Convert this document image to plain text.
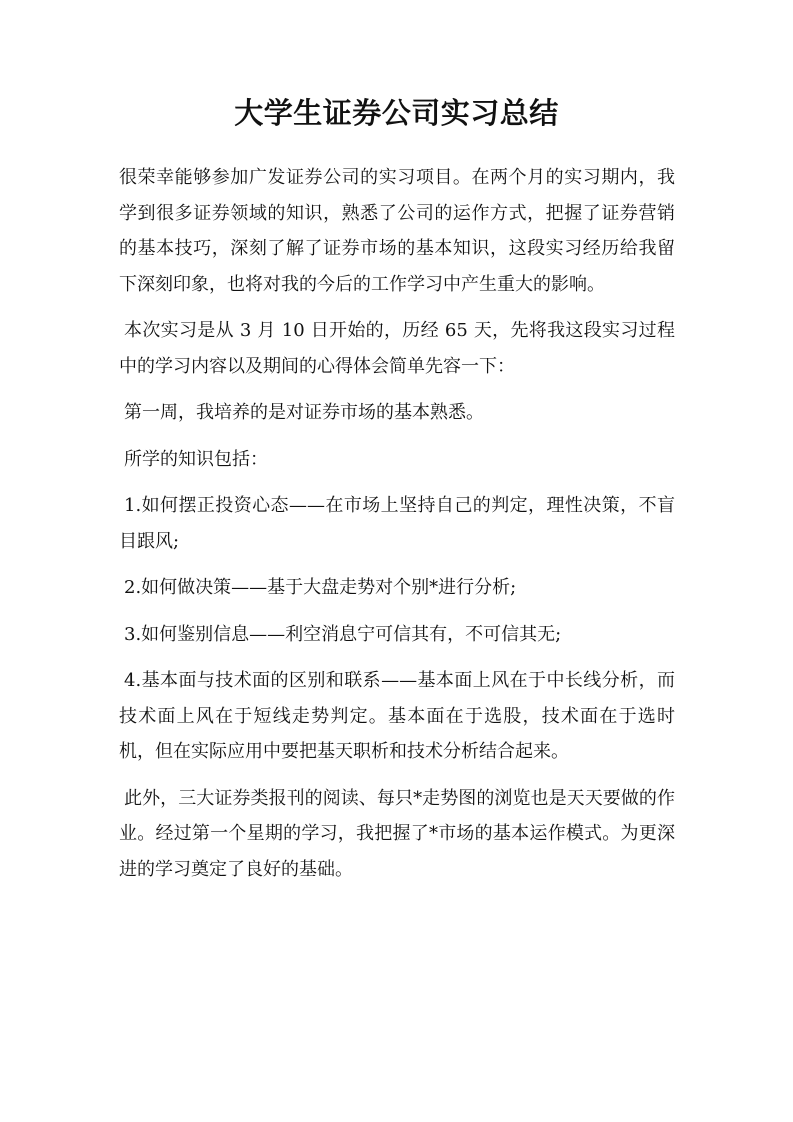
大学生证券公司实习总结

很荣幸能够参加广发证券公司的实习项目。在两个月的实习期内，我学到很多证券领域的知识，熟悉了公司的运作方式，把握了证券营销的基本技巧，深刻了解了证券市场的基本知识，这段实习经历给我留下深刻印象，也将对我的今后的工作学习中产生重大的影响。

本次实习是从 3 月 10 日开始的，历经 65 天，先将我这段实习过程中的学习内容以及期间的心得体会简单先容一下：

第一周，我培养的是对证券市场的基本熟悉。

所学的知识包括：

1.如何摆正投资心态——在市场上坚持自己的判定，理性决策，不盲目跟风;

2.如何做决策——基于大盘走势对个别*进行分析;

3.如何鉴别信息——利空消息宁可信其有，不可信其无;

4.基本面与技术面的区别和联系——基本面上风在于中长线分析，而技术面上风在于短线走势判定。基本面在于选股，技术面在于选时机，但在实际应用中要把基天职析和技术分析结合起来。

此外，三大证券类报刊的阅读、每只*走势图的浏览也是天天要做的作业。经过第一个星期的学习，我把握了*市场的基本运作模式。为更深进的学习奠定了良好的基础。
